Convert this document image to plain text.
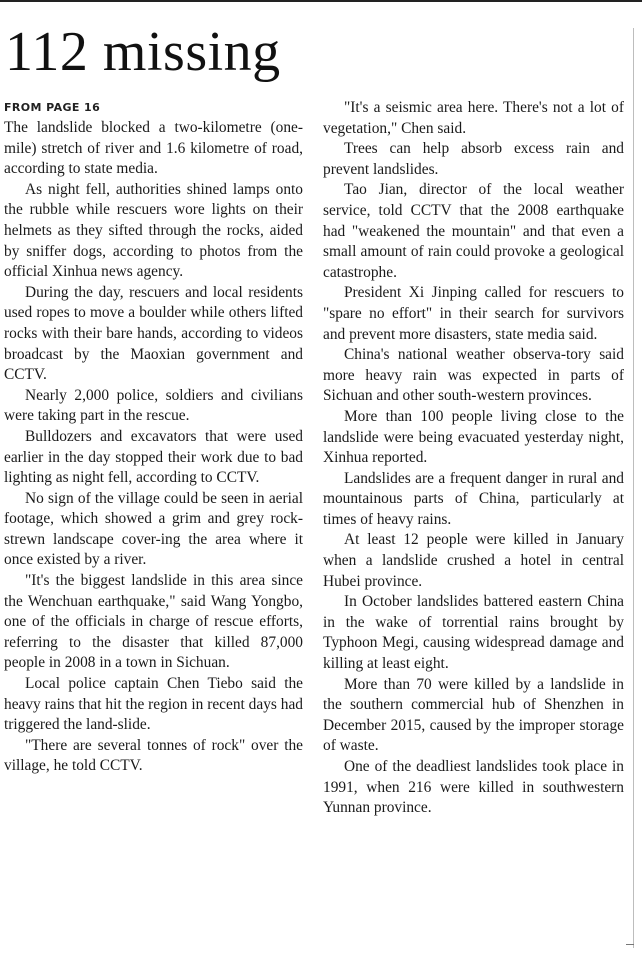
112 missing
FROM PAGE 16

The landslide blocked a two-kilometre (one-mile) stretch of river and 1.6 kilometre of road, according to state media.

As night fell, authorities shined lamps onto the rubble while rescuers wore lights on their helmets as they sifted through the rocks, aided by sniffer dogs, according to photos from the official Xinhua news agency.

During the day, rescuers and local residents used ropes to move a boulder while others lifted rocks with their bare hands, according to videos broadcast by the Maoxian government and CCTV.

Nearly 2,000 police, soldiers and civilians were taking part in the rescue.

Bulldozers and excavators that were used earlier in the day stopped their work due to bad lighting as night fell, according to CCTV.

No sign of the village could be seen in aerial footage, which showed a grim and grey rock-strewn landscape cover-ing the area where it once existed by a river.

"It's the biggest landslide in this area since the Wenchuan earthquake," said Wang Yongbo, one of the officials in charge of rescue efforts, referring to the disaster that killed 87,000 people in 2008 in a town in Sichuan.

Local police captain Chen Tiebo said the heavy rains that hit the region in recent days had triggered the land-slide.

"There are several tonnes of rock" over the village, he told CCTV.

"It's a seismic area here. There's not a lot of vegetation," Chen said.

Trees can help absorb excess rain and prevent landslides.

Tao Jian, director of the local weather service, told CCTV that the 2008 earthquake had "weakened the mountain" and that even a small amount of rain could provoke a geological catastrophe.

President Xi Jinping called for rescuers to "spare no effort" in their search for survivors and prevent more disasters, state media said.

China's national weather observa-tory said more heavy rain was expected in parts of Sichuan and other south-western provinces.

More than 100 people living close to the landslide were being evacuated yesterday night, Xinhua reported.

Landslides are a frequent danger in rural and mountainous parts of China, particularly at times of heavy rains.

At least 12 people were killed in January when a landslide crushed a hotel in central Hubei province.

In October landslides battered eastern China in the wake of torrential rains brought by Typhoon Megi, causing widespread damage and killing at least eight.

More than 70 were killed by a landslide in the southern commercial hub of Shenzhen in December 2015, caused by the improper storage of waste.

One of the deadliest landslides took place in 1991, when 216 were killed in southwestern Yunnan province.
